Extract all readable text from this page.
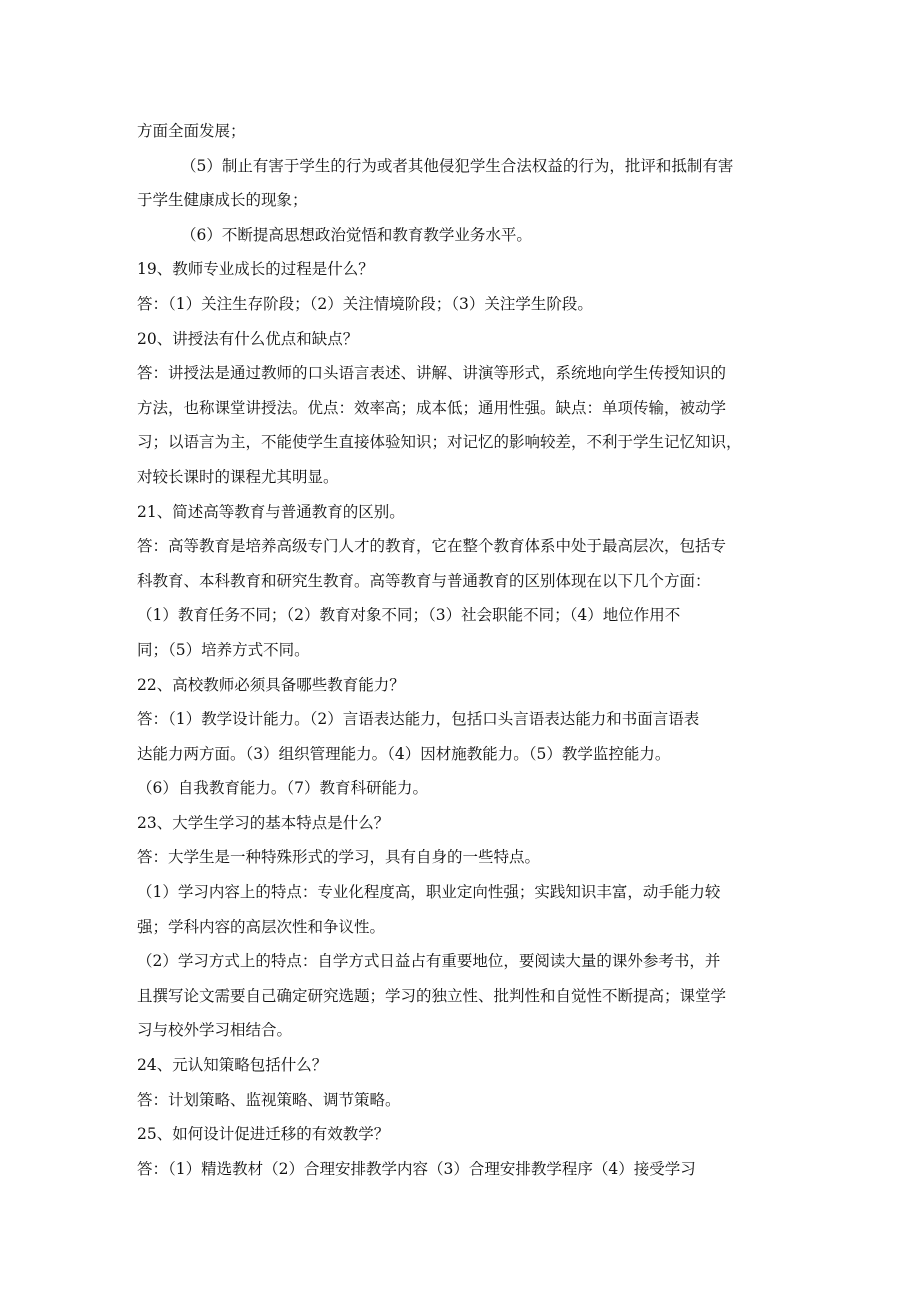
方面全面发展；
（5）制止有害于学生的行为或者其他侵犯学生合法权益的行为，批评和抵制有害
于学生健康成长的现象；
（6）不断提高思想政治觉悟和教育教学业务水平。
19、教师专业成长的过程是什么？
答：（1）关注生存阶段；（2）关注情境阶段；（3）关注学生阶段。
20、讲授法有什么优点和缺点？
答：讲授法是通过教师的口头语言表述、讲解、讲演等形式，系统地向学生传授知识的
方法，也称课堂讲授法。优点：效率高；成本低；通用性强。缺点：单项传输，被动学
习；以语言为主，不能使学生直接体验知识；对记忆的影响较差，不利于学生记忆知识，
对较长课时的课程尤其明显。
21、简述高等教育与普通教育的区别。
答：高等教育是培养高级专门人才的教育，它在整个教育体系中处于最高层次，包括专
科教育、本科教育和研究生教育。高等教育与普通教育的区别体现在以下几个方面：
（1）教育任务不同；（2）教育对象不同；（3）社会职能不同；（4）地位作用不
同；（5）培养方式不同。
22、高校教师必须具备哪些教育能力？
答：（1）教学设计能力。（2）言语表达能力，包括口头言语表达能力和书面言语表
达能力两方面。（3）组织管理能力。（4）因材施教能力。（5）教学监控能力。
（6）自我教育能力。（7）教育科研能力。
23、大学生学习的基本特点是什么？
答：大学生是一种特殊形式的学习，具有自身的一些特点。
（1）学习内容上的特点：专业化程度高，职业定向性强；实践知识丰富，动手能力较
强；学科内容的高层次性和争议性。
（2）学习方式上的特点：自学方式日益占有重要地位，要阅读大量的课外参考书，并
且撰写论文需要自己确定研究选题；学习的独立性、批判性和自觉性不断提高；课堂学
习与校外学习相结合。
24、元认知策略包括什么？
答：计划策略、监视策略、调节策略。
25、如何设计促进迁移的有效教学？
答：（1）精选教材（2）合理安排教学内容（3）合理安排教学程序（4）接受学习
